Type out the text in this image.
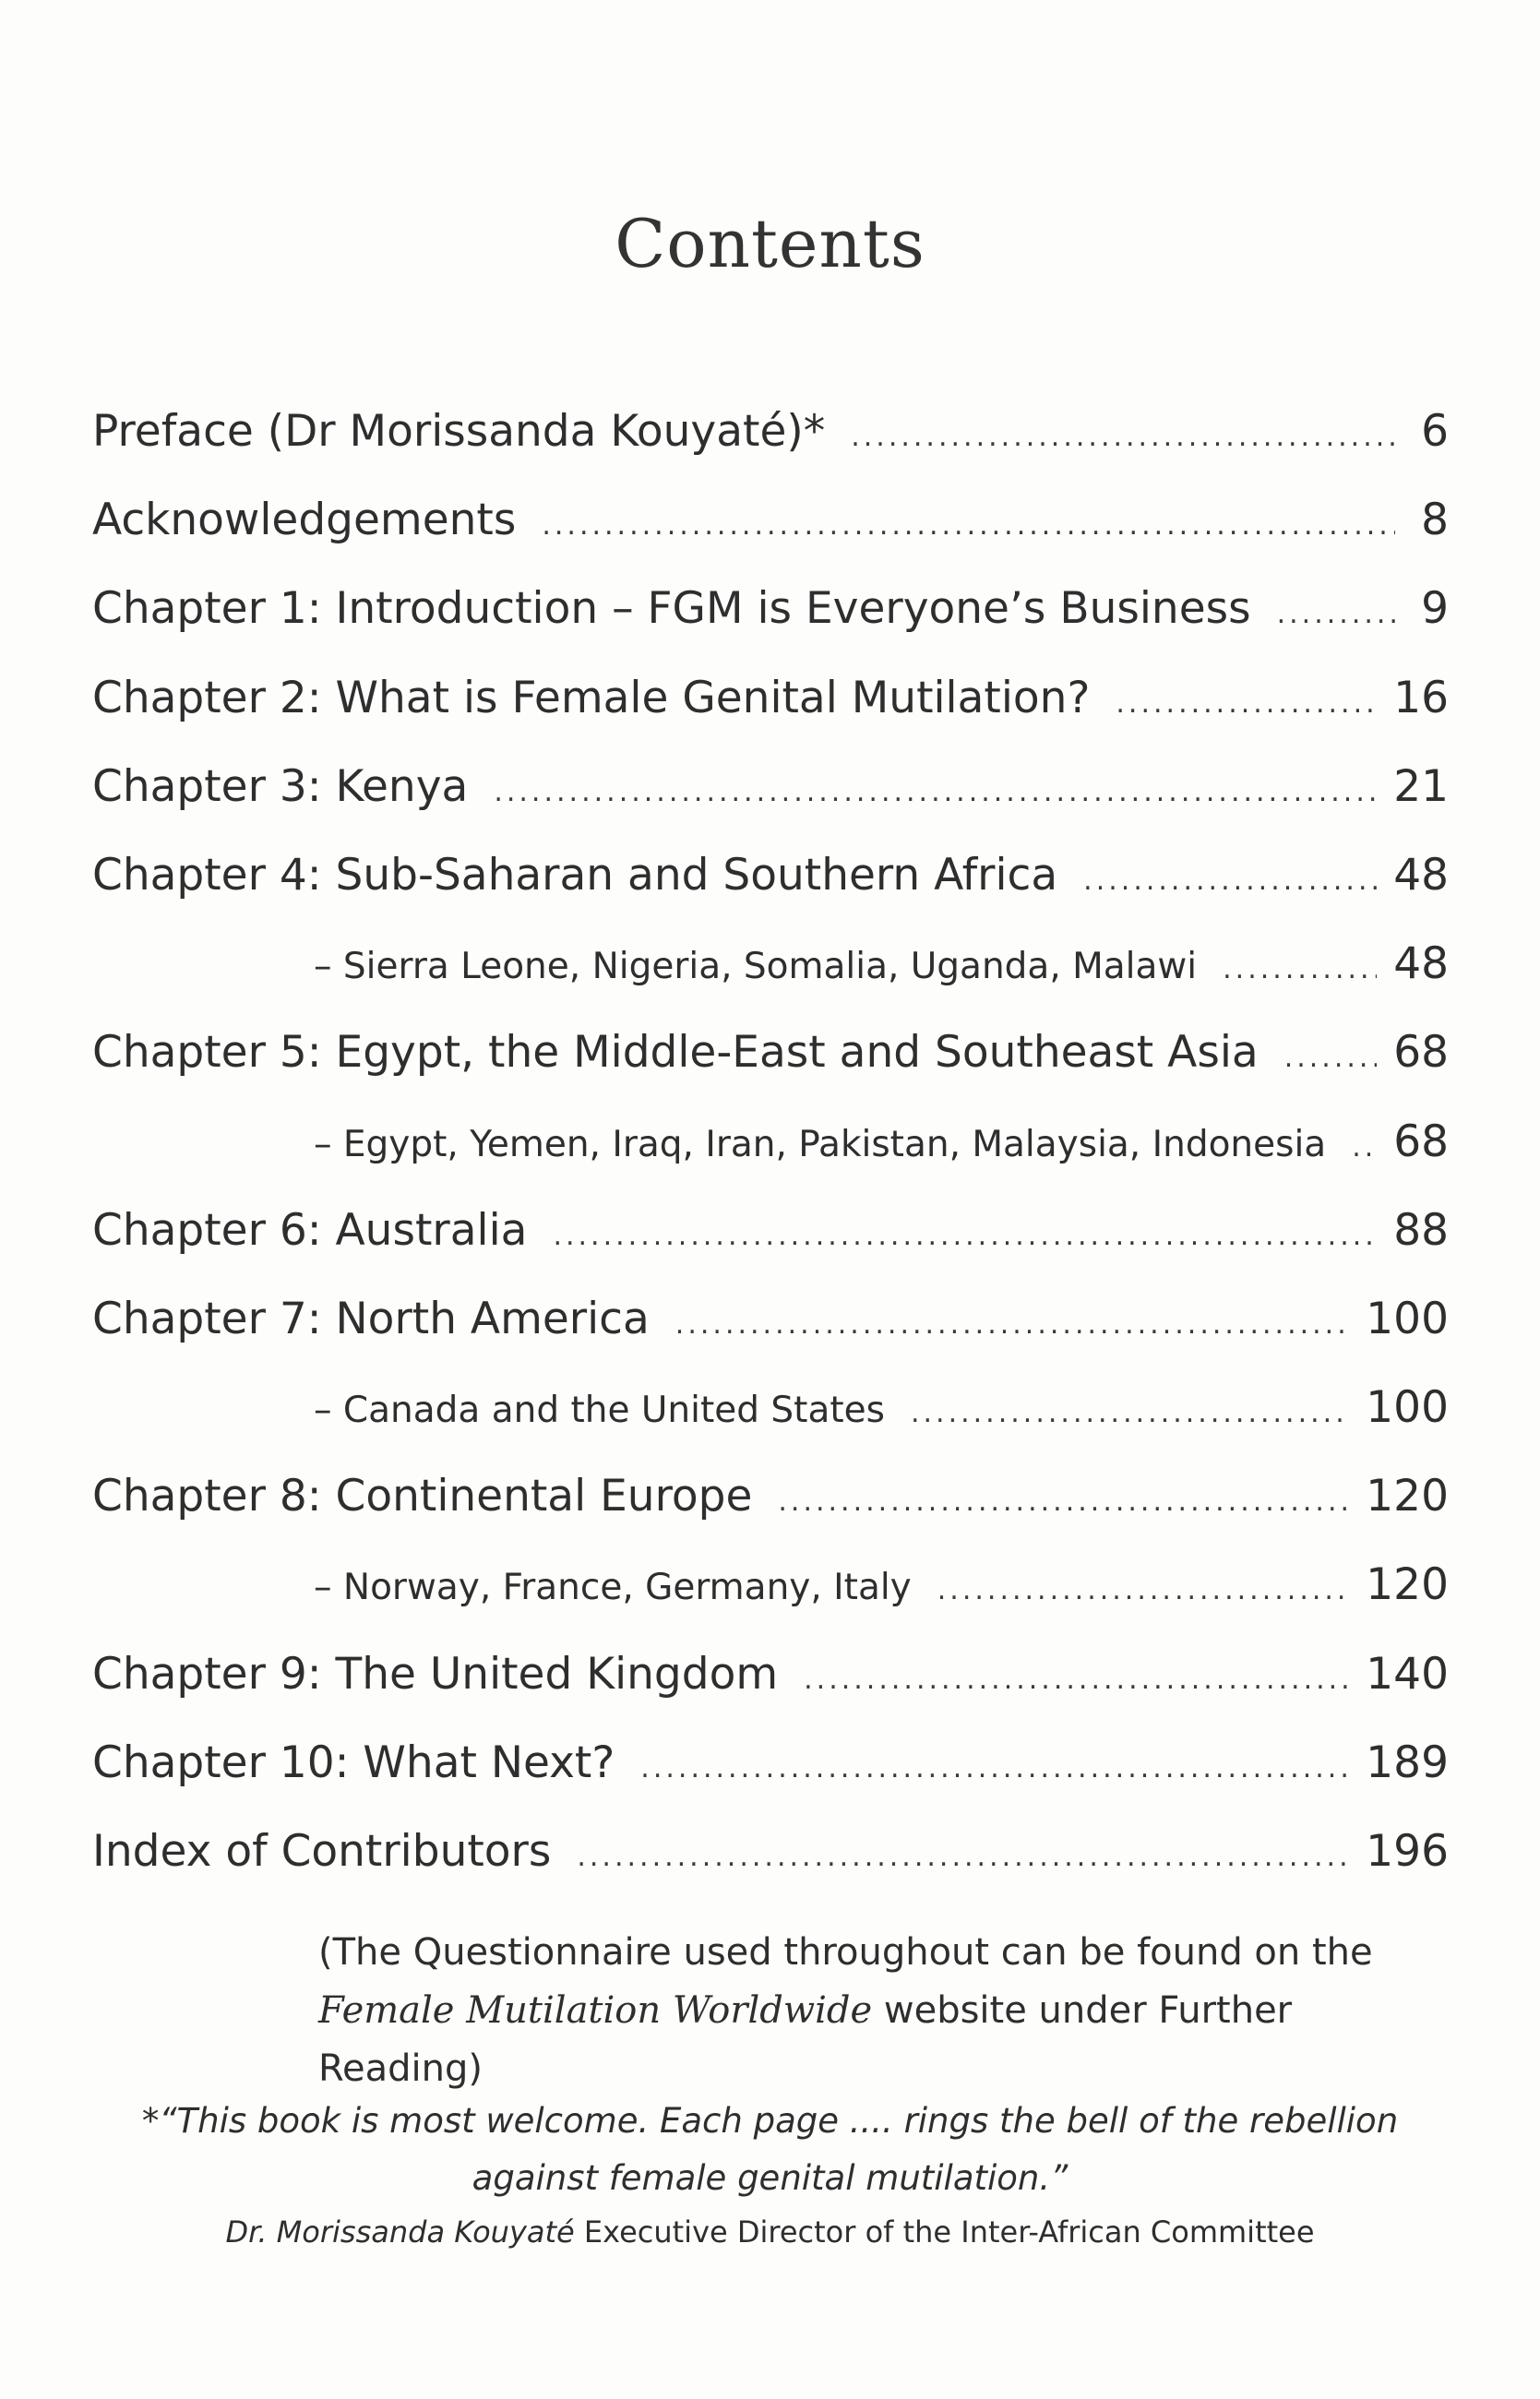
Contents
Preface (Dr Morissanda Kouyaté)* .....	6
Acknowledgements .....	8
Chapter 1: Introduction – FGM is Everyone’s Business .....	9
Chapter 2: What is Female Genital Mutilation? .....	16
Chapter 3: Kenya .....	21
Chapter 4: Sub-Saharan and Southern Africa .....	48
– Sierra Leone, Nigeria, Somalia, Uganda, Malawi .....	48
Chapter 5: Egypt, the Middle-East and Southeast Asia .....	68
– Egypt, Yemen, Iraq, Iran, Pakistan, Malaysia, Indonesia ..... 68
Chapter 6: Australia .....	88
Chapter 7: North America .....	100
– Canada and the United States .....	100
Chapter 8: Continental Europe .....	120
– Norway, France, Germany, Italy .....	120
Chapter 9: The United Kingdom .....	140
Chapter 10: What Next? .....	189
Index of Contributors .....	196
(The Questionnaire used throughout can be found on the Female Mutilation Worldwide website under Further Reading)
*“This book is most welcome. Each page .... rings the bell of the rebellion
against female genital mutilation.”
Dr. Morissanda Kouyaté Executive Director of the Inter-African Committee
